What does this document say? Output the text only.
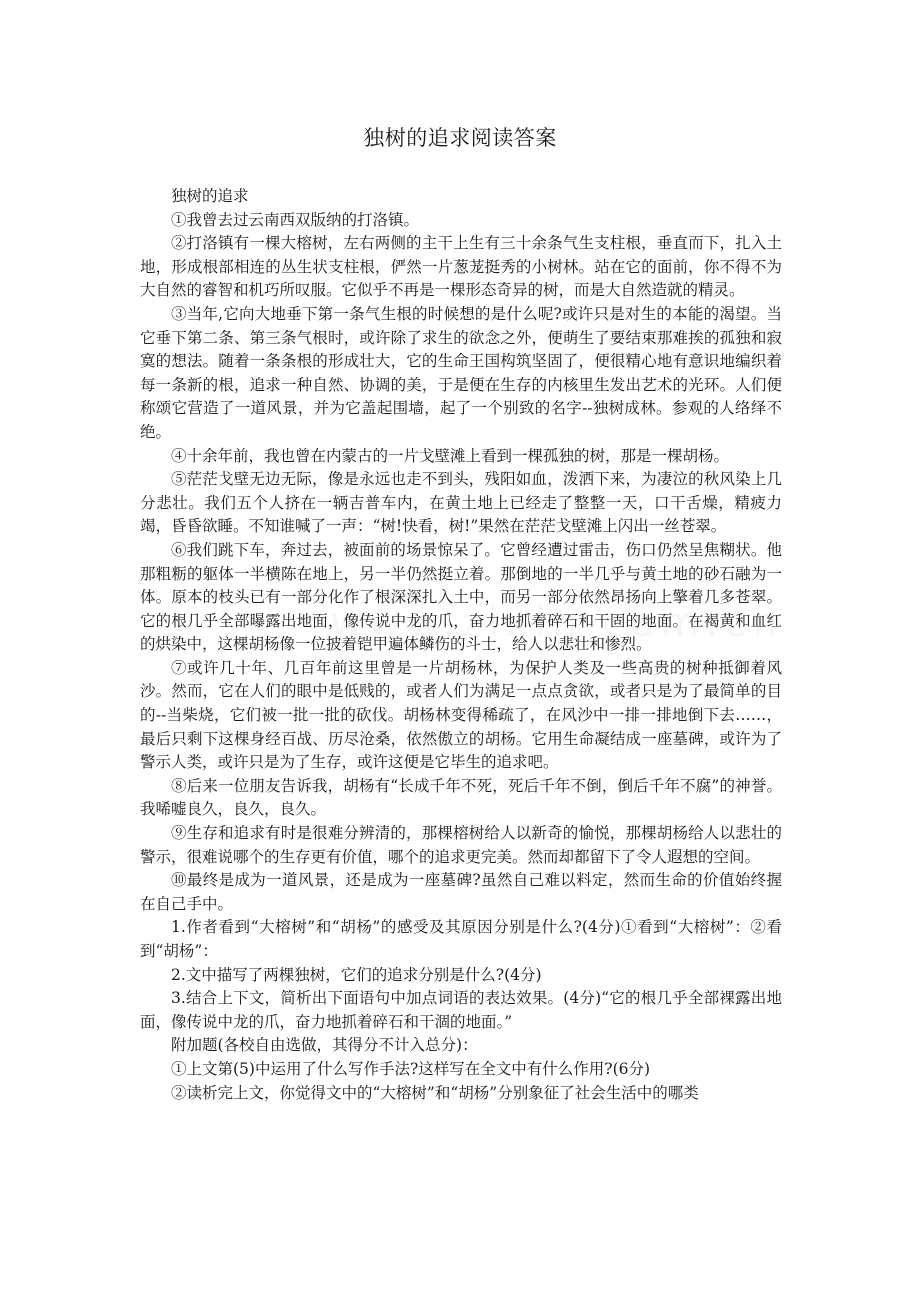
独树的追求阅读答案

独树的追求

①我曾去过云南西双版纳的打洛镇。

②打洛镇有一棵大榕树，左右两侧的主干上生有三十余条气生支柱根，垂直而下，扎入土地，形成根部相连的丛生状支柱根，俨然一片葱茏挺秀的小树林。站在它的面前，你不得不为大自然的睿智和机巧所叹服。它似乎不再是一棵形态奇异的树，而是大自然造就的精灵。

③当年,它向大地垂下第一条气生根的时候想的是什么呢?或许只是对生的本能的渴望。当它垂下第二条、第三条气根时，或许除了求生的欲念之外，便萌生了要结束那难挨的孤独和寂寞的想法。随着一条条根的形成壮大，它的生命王国构筑坚固了，便很精心地有意识地编织着每一条新的根，追求一种自然、协调的美，于是便在生存的内核里生发出艺术的光环。人们便称颂它营造了一道风景，并为它盖起围墙，起了一个别致的名字--独树成林。参观的人络绎不绝。

④十余年前，我也曾在内蒙古的一片戈壁滩上看到一棵孤独的树，那是一棵胡杨。

⑤茫茫戈壁无边无际，像是永远也走不到头，残阳如血，泼洒下来，为凄泣的秋风染上几分悲壮。我们五个人挤在一辆吉普车内，在黄土地上已经走了整整一天，口干舌燥，精疲力竭，昏昏欲睡。不知谁喊了一声：“树!快看，树!”果然在茫茫戈壁滩上闪出一丝苍翠。

⑥我们跳下车，奔过去，被面前的场景惊呆了。它曾经遭过雷击，伤口仍然呈焦糊状。他那粗粝的躯体一半横陈在地上，另一半仍然挺立着。那倒地的一半几乎与黄土地的砂石融为一体。原本的枝头已有一部分化作了根深深扎入土中，而另一部分依然昂扬向上擎着几多苍翠。它的根几乎全部曝露出地面，像传说中龙的爪，奋力地抓着碎石和干固的地面。在褐黄和血红的烘染中，这棵胡杨像一位披着铠甲遍体鳞伤的斗士，给人以悲壮和惨烈。

⑦或许几十年、几百年前这里曾是一片胡杨林，为保护人类及一些高贵的树种抵御着风沙。然而，它在人们的眼中是低贱的，或者人们为满足一点点贪欲，或者只是为了最简单的目的--当柴烧，它们被一批一批的砍伐。胡杨林变得稀疏了，在风沙中一排一排地倒下去……，最后只剩下这棵身经百战、历尽沧桑，依然傲立的胡杨。它用生命凝结成一座墓碑，或许为了警示人类，或许只是为了生存，或许这便是它毕生的追求吧。

⑧后来一位朋友告诉我，胡杨有“长成千年不死，死后千年不倒，倒后千年不腐”的神誉。我唏嘘良久，良久，良久。

⑨生存和追求有时是很难分辨清的，那棵榕树给人以新奇的愉悦，那棵胡杨给人以悲壮的警示，很难说哪个的生存更有价值，哪个的追求更完美。然而却都留下了令人遐想的空间。

⑩最终是成为一道风景，还是成为一座墓碑?虽然自己难以料定，然而生命的价值始终握在自己手中。

1.作者看到“大榕树”和“胡杨”的感受及其原因分别是什么?(4分)①看到“大榕树”：②看到“胡杨”：

2.文中描写了两棵独树，它们的追求分别是什么?(4分)

3.结合上下文，简析出下面语句中加点词语的表达效果。(4分)“它的根几乎全部裸露出地面，像传说中龙的爪，奋力地抓着碎石和干涸的地面。”

附加题(各校自由选做，其得分不计入总分)：

①上文第(5)中运用了什么写作手法?这样写在全文中有什么作用?(6分)

②读析完上文，你觉得文中的“大榕树”和“胡杨”分别象征了社会生活中的哪类
